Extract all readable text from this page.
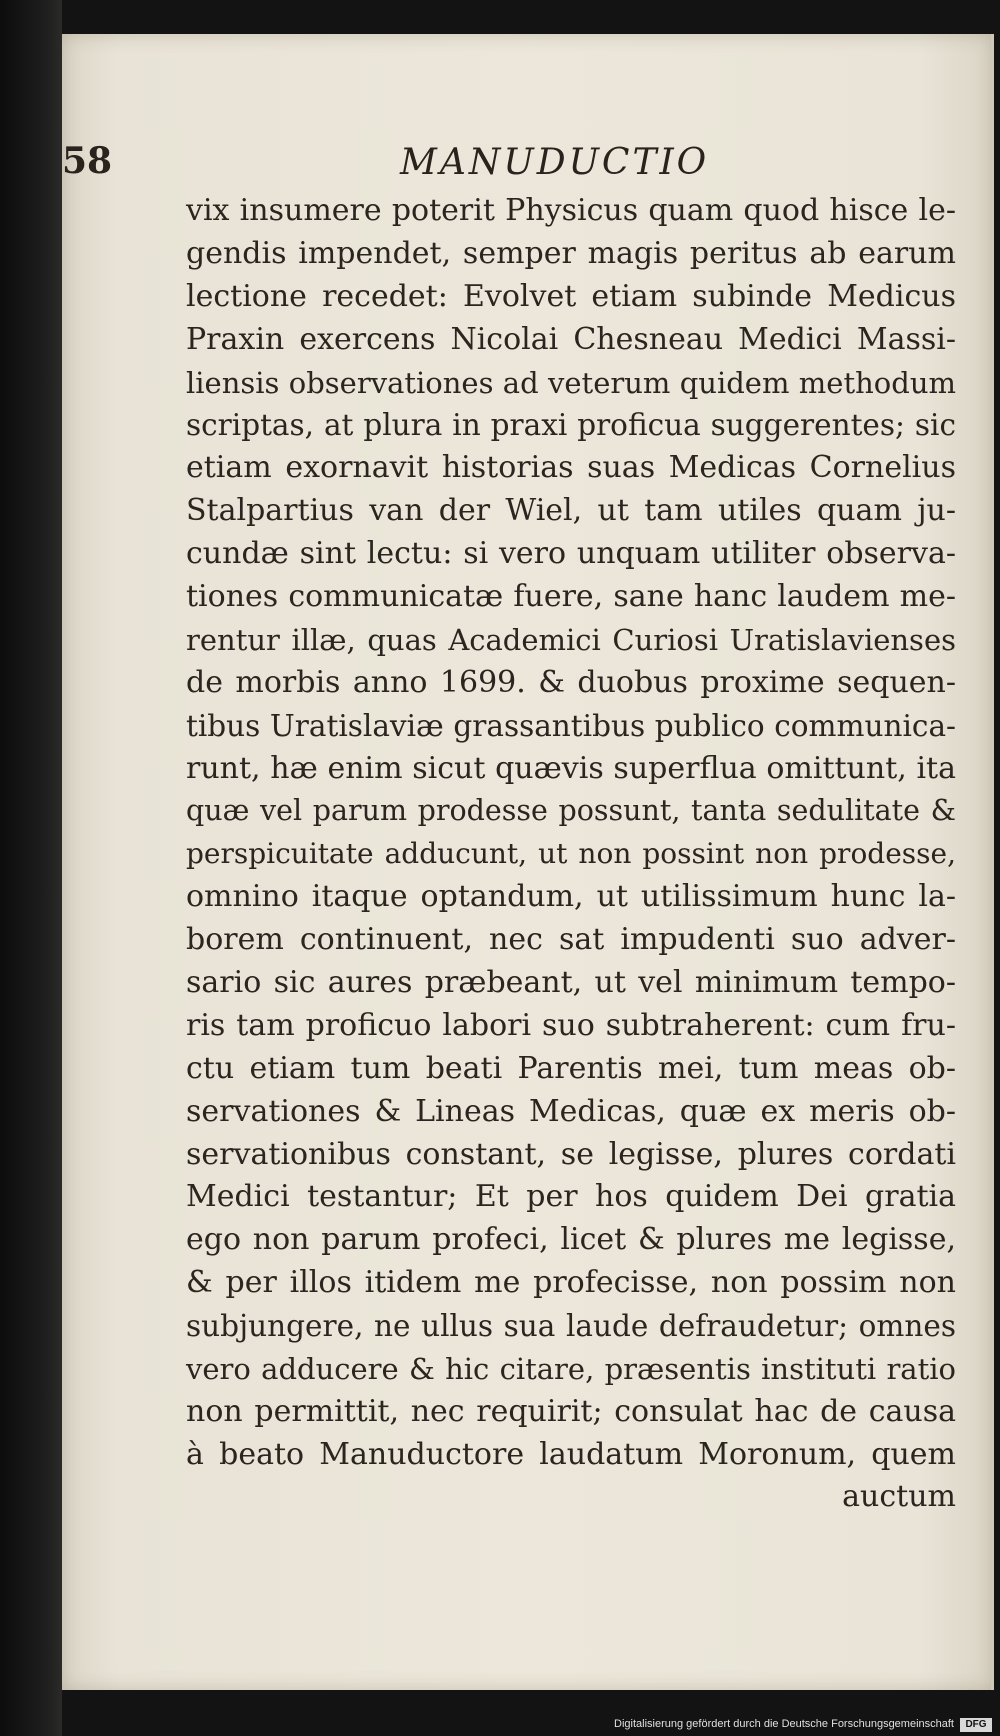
58	MANUDUCTIO
vix insumere poterit Physicus quam quod hisce le-
gendis impendet, semper magis peritus ab earum
lectione recedet: Evolvet etiam subinde Medicus
Praxin exercens Nicolai Chesneau Medici Massi-
liensis observationes ad veterum quidem methodum
scriptas, at plura in praxi proficua suggerentes; sic
etiam exornavit historias suas Medicas Cornelius
Stalpartius van der Wiel, ut tam utiles quam ju-
cundæ sint lectu: si vero unquam utiliter observa-
tiones communicatæ fuere, sane hanc laudem me-
rentur illæ, quas Academici Curiosi Uratislavienses
de morbis anno 1699. & duobus proxime sequen-
tibus Uratislaviæ grassantibus publico communica-
runt, hæ enim sicut quævis superflua omittunt, ita
quæ vel parum prodesse possunt, tanta sedulitate &
perspicuitate adducunt, ut non possint non prodesse,
omnino itaque optandum, ut utilissimum hunc la-
borem continuent, nec sat impudenti suo adver-
sario sic aures præbeant, ut vel minimum tempo-
ris tam proficuo labori suo subtraherent: cum fru-
ctu etiam tum beati Parentis mei, tum meas ob-
servationes & Lineas Medicas, quæ ex meris ob-
servationibus constant, se legisse, plures cordati
Medici testantur; Et per hos quidem Dei gratia
ego non parum profeci, licet & plures me legisse,
& per illos itidem me profecisse, non possim non
subjungere, ne ullus sua laude defraudetur; omnes
vero adducere & hic citare, præsentis instituti ratio
non permittit, nec requirit; consulat hac de causa
à beato Manuductore laudatum Moronum, quem
auctum
Digitalisierung gefördert durch die Deutsche Forschungsgemeinschaft	DFG
